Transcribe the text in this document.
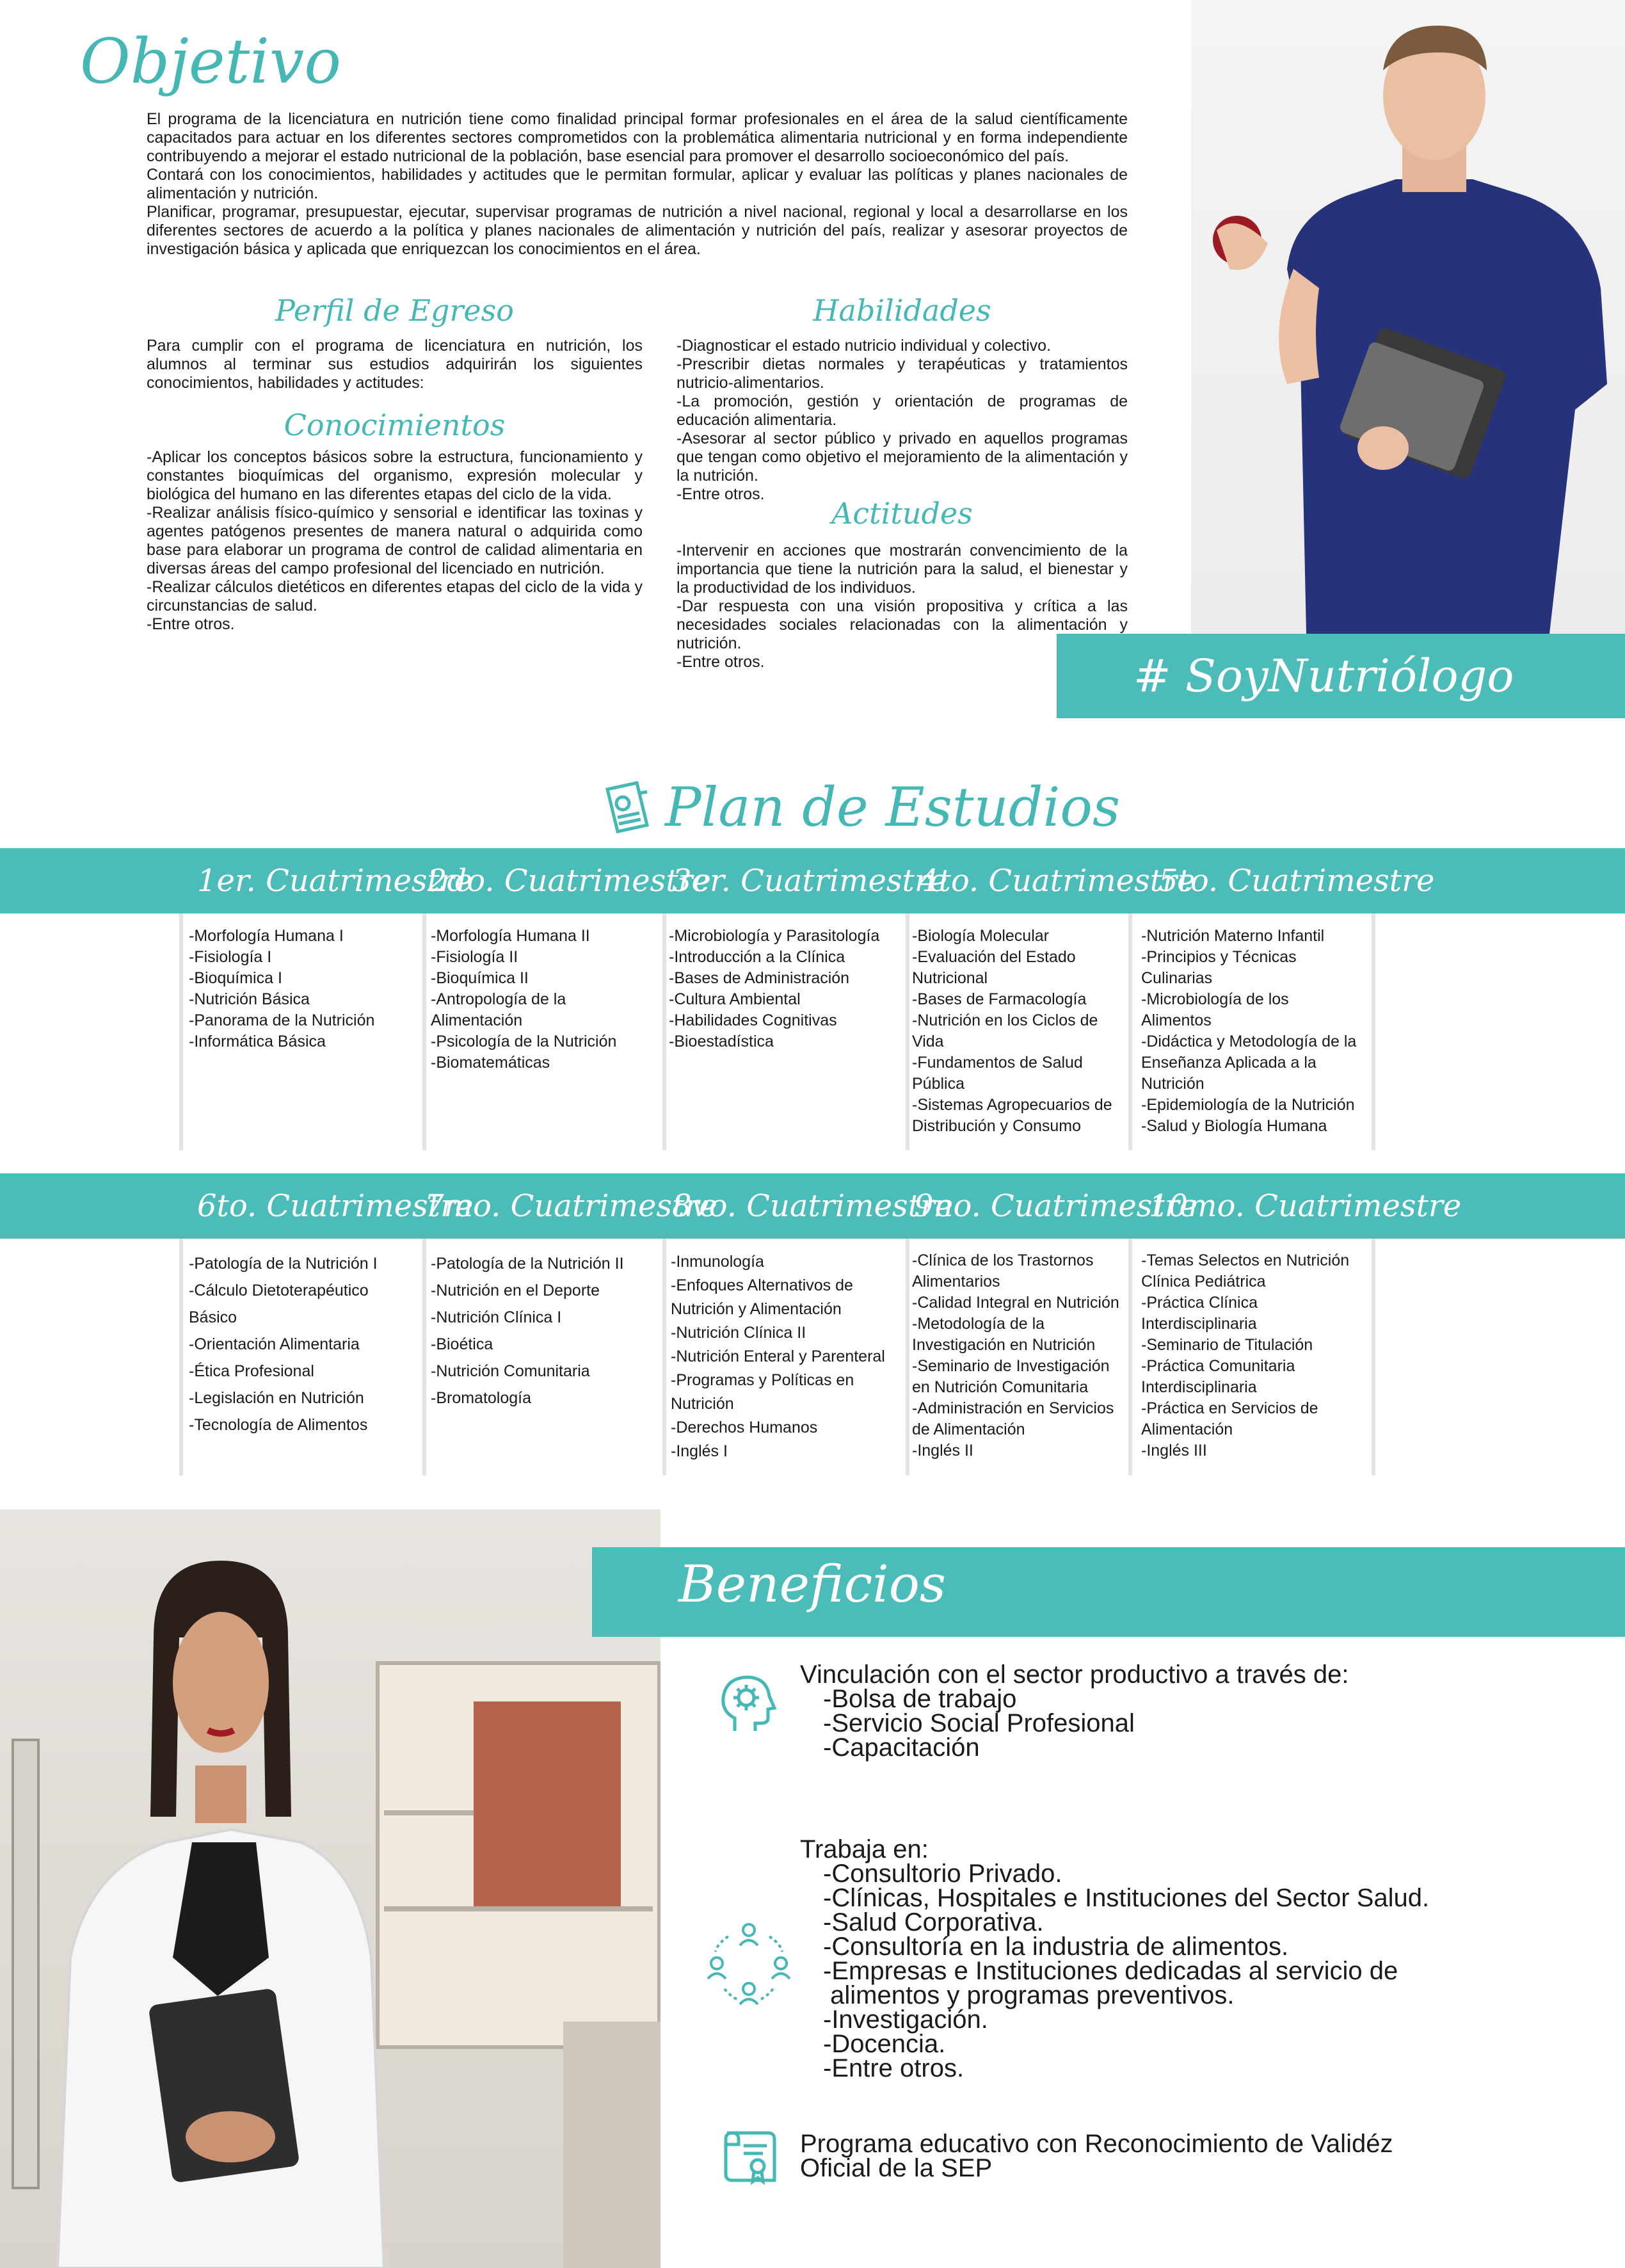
Objetivo

El programa de la licenciatura en nutrición tiene como finalidad principal formar profesionales en el área de la salud científicamente capacitados para actuar en los diferentes sectores comprometidos con la problemática alimentaria nutricional y en forma independiente contribuyendo a mejorar el estado nutricional de la población, base esencial para promover el desarrollo socioeconómico del país.

Contará con los conocimientos, habilidades y actitudes que le permitan formular, aplicar y evaluar las políticas y planes nacionales de alimentación y nutrición.

Planificar, programar, presupuestar, ejecutar, supervisar programas de nutrición a nivel nacional, regional y local a desarrollarse en los diferentes sectores de acuerdo a la política y planes nacionales de alimentación y nutrición del país, realizar y asesorar proyectos de investigación básica y aplicada que enriquezcan los conocimientos en el área.

Perfil de Egreso
Para cumplir con el programa de licenciatura en nutrición, los alumnos al terminar sus estudios adquirirán los siguientes conocimientos, habilidades y actitudes:
Conocimientos
-Aplicar los conceptos básicos sobre la estructura, funcionamiento y constantes bioquímicas del organismo, expresión molecular y biológica del humano en las diferentes etapas del ciclo de la vida.
-Realizar análisis físico-químico y sensorial e identificar las toxinas y agentes patógenos presentes de manera natural o adquirida como base para elaborar un programa de control de calidad alimentaria en diversas áreas del campo profesional del licenciado en nutrición.
-Realizar cálculos dietéticos en diferentes etapas del ciclo de la vida y circunstancias de salud.
-Entre otros.
Habilidades
-Diagnosticar el estado nutricio individual y colectivo.
-Prescribir dietas normales y terapéuticas y tratamientos nutricio-alimentarios.
-La promoción, gestión y orientación de programas de educación alimentaria.
-Asesorar al sector público y privado en aquellos programas que tengan como objetivo el mejoramiento de la alimentación y la nutrición.
-Entre otros.
Actitudes
-Intervenir en acciones que mostrarán convencimiento de la importancia que tiene la nutrición para la salud, el bienestar y la productividad de los individuos.
-Dar respuesta con una visión propositiva y crítica a las necesidades sociales relacionadas con la alimentación y nutrición.
-Entre otros.	# SoyNutriólogo
Plan de Estudios
1er. Cuatrimestre
2do. Cuatrimestre
3er. Cuatrimestre
4to. Cuatrimestre
5to. Cuatrimestre
-Morfología Humana I
-Fisiología I
-Bioquímica I
-Nutrición Básica
-Panorama de la Nutrición
-Informática Básica
-Morfología Humana II
-Fisiología II
-Bioquímica II
-Antropología de la Alimentación
-Psicología de la Nutrición
-Biomatemáticas
-Microbiología y Parasitología
-Introducción a la Clínica
-Bases de Administración
-Cultura Ambiental
-Habilidades Cognitivas
-Bioestadística
-Biología Molecular
-Evaluación del Estado Nutricional
-Bases de Farmacología
-Nutrición en los Ciclos de Vida
-Fundamentos de Salud Pública
-Sistemas Agropecuarios de Distribución y Consumo
-Nutrición Materno Infantil
-Principios y Técnicas Culinarias
-Microbiología de los Alimentos
-Didáctica y Metodología de la Enseñanza Aplicada a la Nutrición
-Epidemiología de la Nutrición
-Salud y Biología Humana
6to. Cuatrimestre
7mo. Cuatrimestre
8vo. Cuatrimestre
9no. Cuatrimestre
10mo. Cuatrimestre
-Patología de la Nutrición I
-Cálculo Dietoterapéutico Básico
-Orientación Alimentaria
-Ética Profesional
-Legislación en Nutrición
-Tecnología de Alimentos
-Patología de la Nutrición II
-Nutrición en el Deporte
-Nutrición Clínica I
-Bioética
-Nutrición Comunitaria
-Bromatología
-Inmunología
-Enfoques Alternativos de Nutrición y Alimentación
-Nutrición Clínica II
-Nutrición Enteral y Parenteral
-Programas y Políticas en Nutrición
-Derechos Humanos
-Inglés I
-Clínica de los Trastornos Alimentarios
-Calidad Integral en Nutrición
-Metodología de la Investigación en Nutrición
-Seminario de Investigación en Nutrición Comunitaria
-Administración en Servicios de Alimentación
-Inglés II
-Temas Selectos en Nutrición Clínica Pediátrica
-Práctica Clínica Interdisciplinaria
-Seminario de Titulación
-Práctica Comunitaria Interdisciplinaria
-Práctica en Servicios de Alimentación
-Inglés III
Beneficios
Vinculación con el sector productivo a través de:
-Bolsa de trabajo
-Servicio Social Profesional
-Capacitación
Trabaja en:
-Consultorio Privado.
-Clínicas, Hospitales e Instituciones del Sector Salud.
-Salud Corporativa.
-Consultoría en la industria de alimentos.
-Empresas e Instituciones dedicadas al servicio de
alimentos y programas preventivos.
-Investigación.
-Docencia.
-Entre otros.
Programa educativo con Reconocimiento de Validéz
Oficial de la SEP
